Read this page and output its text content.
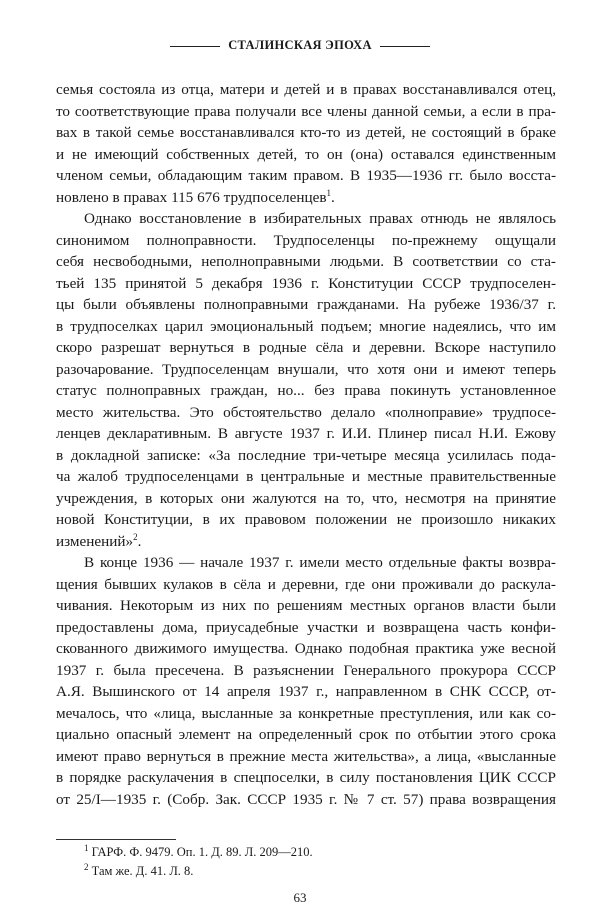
СТАЛИНСКАЯ ЭПОХА
семья состояла из отца, матери и детей и в правах восстанавливался отец,
то соответствующие права получали все члены данной семьи, а если в пра-
вах в такой семье восстанавливался кто-то из детей, не состоящий в браке
и не имеющий собственных детей, то он (она) оставался единственным
членом семьи, обладающим таким правом. В 1935—1936 гг. было восста-
новлено в правах 115 676 трудпоселенцев$^1$.
Однако восстановление в избирательных правах отнюдь не являлось
синонимом полноправности. Трудпоселенцы по-прежнему ощущали
себя несвободными, неполноправными людьми. В соответствии со ста-
тьей 135 принятой 5 декабря 1936 г. Конституции СССР трудпоселен-
цы были объявлены полноправными гражданами. На рубеже 1936/37 г.
в трудпоселках царил эмоциональный подъем; многие надеялись, что им
скоро разрешат вернуться в родные сёла и деревни. Вскоре наступило
разочарование. Трудпоселенцам внушали, что хотя они и имеют теперь
статус полноправных граждан, но... без права покинуть установленное
место жительства. Это обстоятельство делало «полноправие» трудпосе-
ленцев декларативным. В августе 1937 г. И.И. Плинер писал Н.И. Ежову
в докладной записке: «За последние три-четыре месяца усилилась пода-
ча жалоб трудпоселенцами в центральные и местные правительственные
учреждения, в которых они жалуются на то, что, несмотря на принятие
новой Конституции, в их правовом положении не произошло никаких
изменений»$^2$.
В конце 1936 — начале 1937 г. имели место отдельные факты возвра-
щения бывших кулаков в сёла и деревни, где они проживали до раскула-
чивания. Некоторым из них по решениям местных органов власти были
предоставлены дома, приусадебные участки и возвращена часть конфи-
скованного движимого имущества. Однако подобная практика уже весной
1937 г. была пресечена. В разъяснении Генерального прокурора СССР
А.Я. Вышинского от 14 апреля 1937 г., направленном в СНК СССР, от-
мечалось, что «лица, высланные за конкретные преступления, или как со-
циально опасный элемент на определенный срок по отбытии этого срока
имеют право вернуться в прежние места жительства», а лица, «высланные
в порядке раскулачения в спецпоселки, в силу постановления ЦИК СССР
от 25/I—1935 г. (Собр. Зак. СССР 1935 г. № 7 ст. 57) права возвращения
$^1$ ГАРФ. Ф. 9479. Оп. 1. Д. 89. Л. 209—210.
$^2$ Там же. Д. 41. Л. 8.
63
